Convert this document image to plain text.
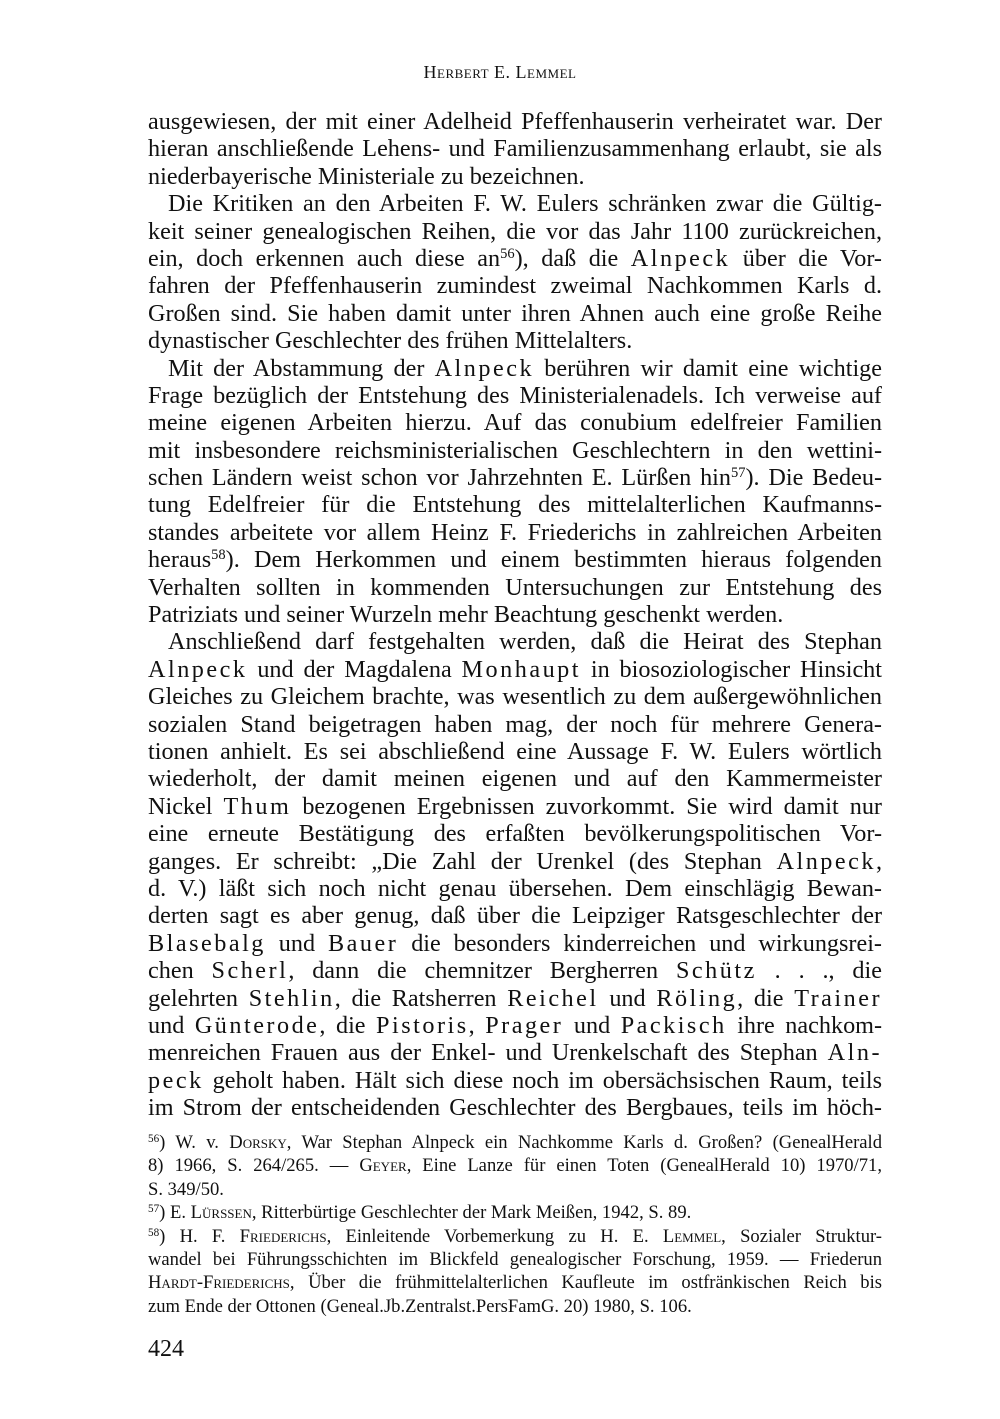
Herbert E. Lemmel
ausgewiesen, der mit einer Adelheid Pfeffenhauserin verheiratet war. Der
hieran anschließende Lehens- und Familienzusammenhang erlaubt, sie als
niederbayerische Ministeriale zu bezeichnen.
Die Kritiken an den Arbeiten F. W. Eulers schränken zwar die Gültig-
keit seiner genealogischen Reihen, die vor das Jahr 1100 zurückreichen,
ein, doch erkennen auch diese $an^{56}$), daß die Alnpeck über die Vor-
fahren der Pfeffenhauserin zumindest zweimal Nachkommen Karls d.
Großen sind. Sie haben damit unter ihren Ahnen auch eine große Reihe
dynastischer Geschlechter des frühen Mittelalters.
Mit der Abstammung der Alnpeck berühren wir damit eine wichtige
Frage bezüglich der Entstehung des Ministerialenadels. Ich verweise auf
meine eigenen Arbeiten hierzu. Auf das conubium edelfreier Familien
mit insbesondere reichsministerialischen Geschlechtern in den wettini-
schen Ländern weist schon vor Jahrzehnten E. Lürßen hin$^{57}$). Die Bedeu-
tung Edelfreier für die Entstehung des mittelalterlichen Kaufmanns-
standes arbeitete vor allem Heinz F. Friederichs in zahlreichen Arbeiten
heraus$^{58}$). Dem Herkommen und einem bestimmten hieraus folgenden
Verhalten sollten in kommenden Untersuchungen zur Entstehung des
Patriziats und seiner Wurzeln mehr Beachtung geschenkt werden.
Anschließend darf festgehalten werden, daß die Heirat des Stephan
Alnpeck und der Magdalena Monhaupt in biosoziologischer Hinsicht
Gleiches zu Gleichem brachte, was wesentlich zu dem außergewöhnlichen
sozialen Stand beigetragen haben mag, der noch für mehrere Genera-
tionen anhielt. Es sei abschließend eine Aussage F. W. Eulers wörtlich
wiederholt, der damit meinen eigenen und auf den Kammermeister
Nickel Thum bezogenen Ergebnissen zuvorkommt. Sie wird damit nur
eine erneute Bestätigung des erfaßten bevölkerungspolitischen Vor-
ganges. Er schreibt: „Die Zahl der Urenkel (des Stephan Alnpeck,
d. V.) läßt sich noch nicht genau übersehen. Dem einschlägig Bewan-
derten sagt es aber genug, daß über die Leipziger Ratsgeschlechter der
Blasebalg und Bauer die besonders kinderreichen und wirkungsrei-
chen Scherl, dann die chemnitzer Bergherren Schütz . . ., die
gelehrten Stehlin, die Ratsherren Reichel und Röling, die Trainer
und Günterode, die Pistoris, Prager und Packisch ihre nachkom-
menreichen Frauen aus der Enkel- und Urenkelschaft des Stephan Aln-
peck geholt haben. Hält sich diese noch im obersächsischen Raum, teils
im Strom der entscheidenden Geschlechter des Bergbaues, teils im höch-
$^{56}$) W. v. Dorsky, War Stephan Alnpeck ein Nachkomme Karls d. Großen? (GenealHerald
8) 1966, S. 264/265. — Geyer, Eine Lanze für einen Toten (GenealHerald 10) 1970/71,
S. 349/50.
$^{57}$) E. Lürssen, Ritterbürtige Geschlechter der Mark Meißen, 1942, S. 89.
$^{58}$) H. F. Friederichs, Einleitende Vorbemerkung zu H. E. Lemmel, Sozialer Struktur-
wandel bei Führungsschichten im Blickfeld genealogischer Forschung, 1959. — Friederun
Hardt-Friederichs, Über die frühmittelalterlichen Kaufleute im ostfränkischen Reich bis
zum Ende der Ottonen (Geneal.Jb.Zentralst.PersFamG. 20) 1980, S. 106.
424
